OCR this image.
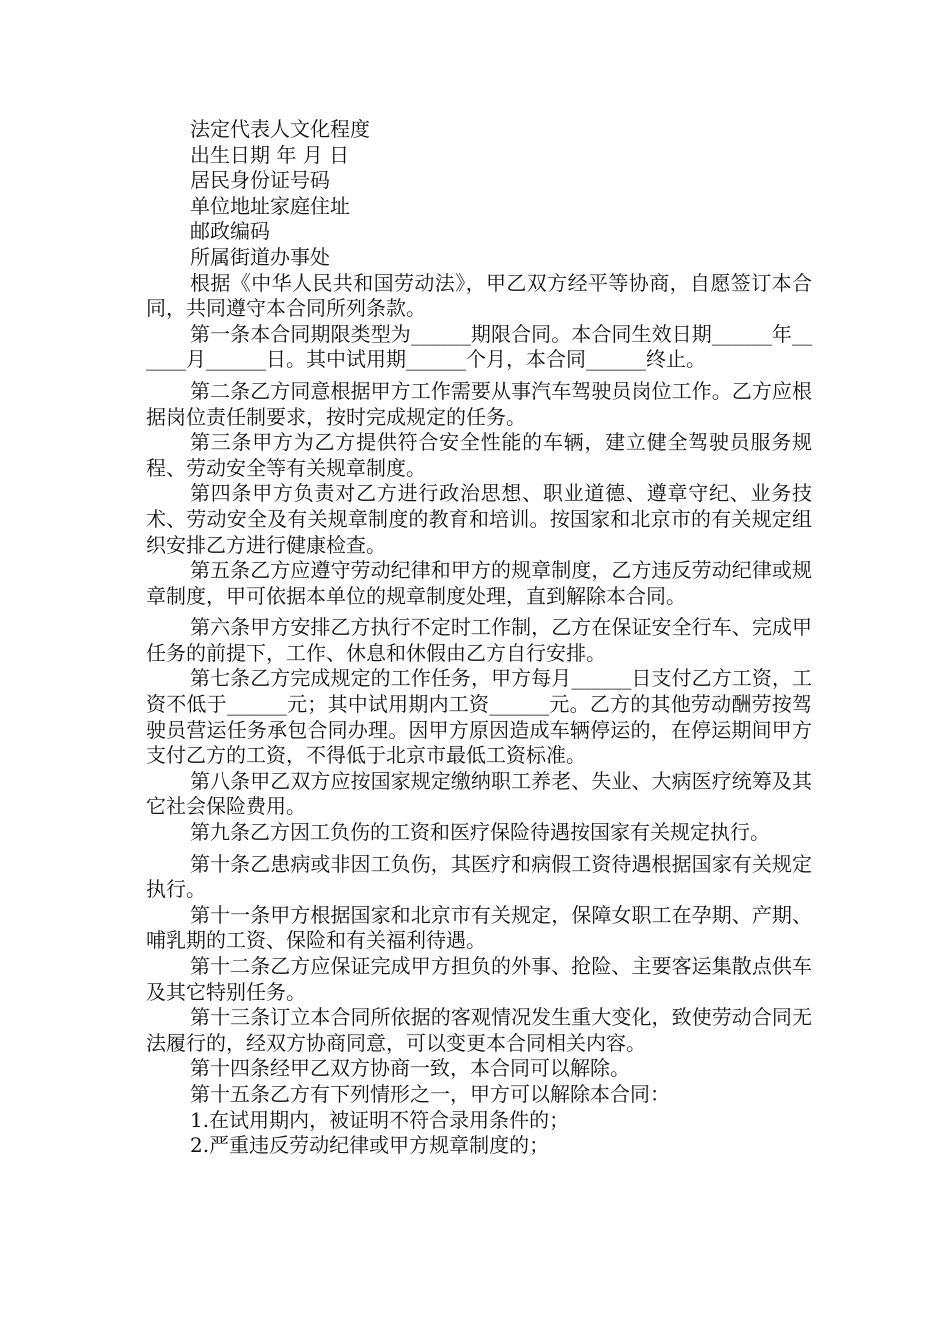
法定代表人文化程度

出生日期 年 月 日

居民身份证号码

单位地址家庭住址

邮政编码

所属街道办事处

根据《中华人民共和国劳动法》，甲乙双方经平等协商，自愿签订本合同，共同遵守本合同所列条款。

第一条本合同期限类型为______期限合同。本合同生效日期______年______月______日。其中试用期______个月，本合同______终止。

第二条乙方同意根据甲方工作需要从事汽车驾驶员岗位工作。乙方应根据岗位责任制要求，按时完成规定的任务。

第三条甲方为乙方提供符合安全性能的车辆，建立健全驾驶员服务规程、劳动安全等有关规章制度。

第四条甲方负责对乙方进行政治思想、职业道德、遵章守纪、业务技术、劳动安全及有关规章制度的教育和培训。按国家和北京市的有关规定组织安排乙方进行健康检查。

第五条乙方应遵守劳动纪律和甲方的规章制度，乙方违反劳动纪律或规章制度，甲可依据本单位的规章制度处理，直到解除本合同。

第六条甲方安排乙方执行不定时工作制，乙方在保证安全行车、完成甲任务的前提下，工作、休息和休假由乙方自行安排。

第七条乙方完成规定的工作任务，甲方每月______日支付乙方工资，工资不低于______元；其中试用期内工资______元。乙方的其他劳动酬劳按驾驶员营运任务承包合同办理。因甲方原因造成车辆停运的，在停运期间甲方支付乙方的工资，不得低于北京市最低工资标准。

第八条甲乙双方应按国家规定缴纳职工养老、失业、大病医疗统筹及其它社会保险费用。

第九条乙方因工负伤的工资和医疗保险待遇按国家有关规定执行。

第十条乙患病或非因工负伤，其医疗和病假工资待遇根据国家有关规定执行。

第十一条甲方根据国家和北京市有关规定，保障女职工在孕期、产期、哺乳期的工资、保险和有关福利待遇。

第十二条乙方应保证完成甲方担负的外事、抢险、主要客运集散点供车及其它特别任务。

第十三条订立本合同所依据的客观情况发生重大变化，致使劳动合同无法履行的，经双方协商同意，可以变更本合同相关内容。

第十四条经甲乙双方协商一致，本合同可以解除。

第十五条乙方有下列情形之一，甲方可以解除本合同：

1.在试用期内，被证明不符合录用条件的；

2.严重违反劳动纪律或甲方规章制度的；
